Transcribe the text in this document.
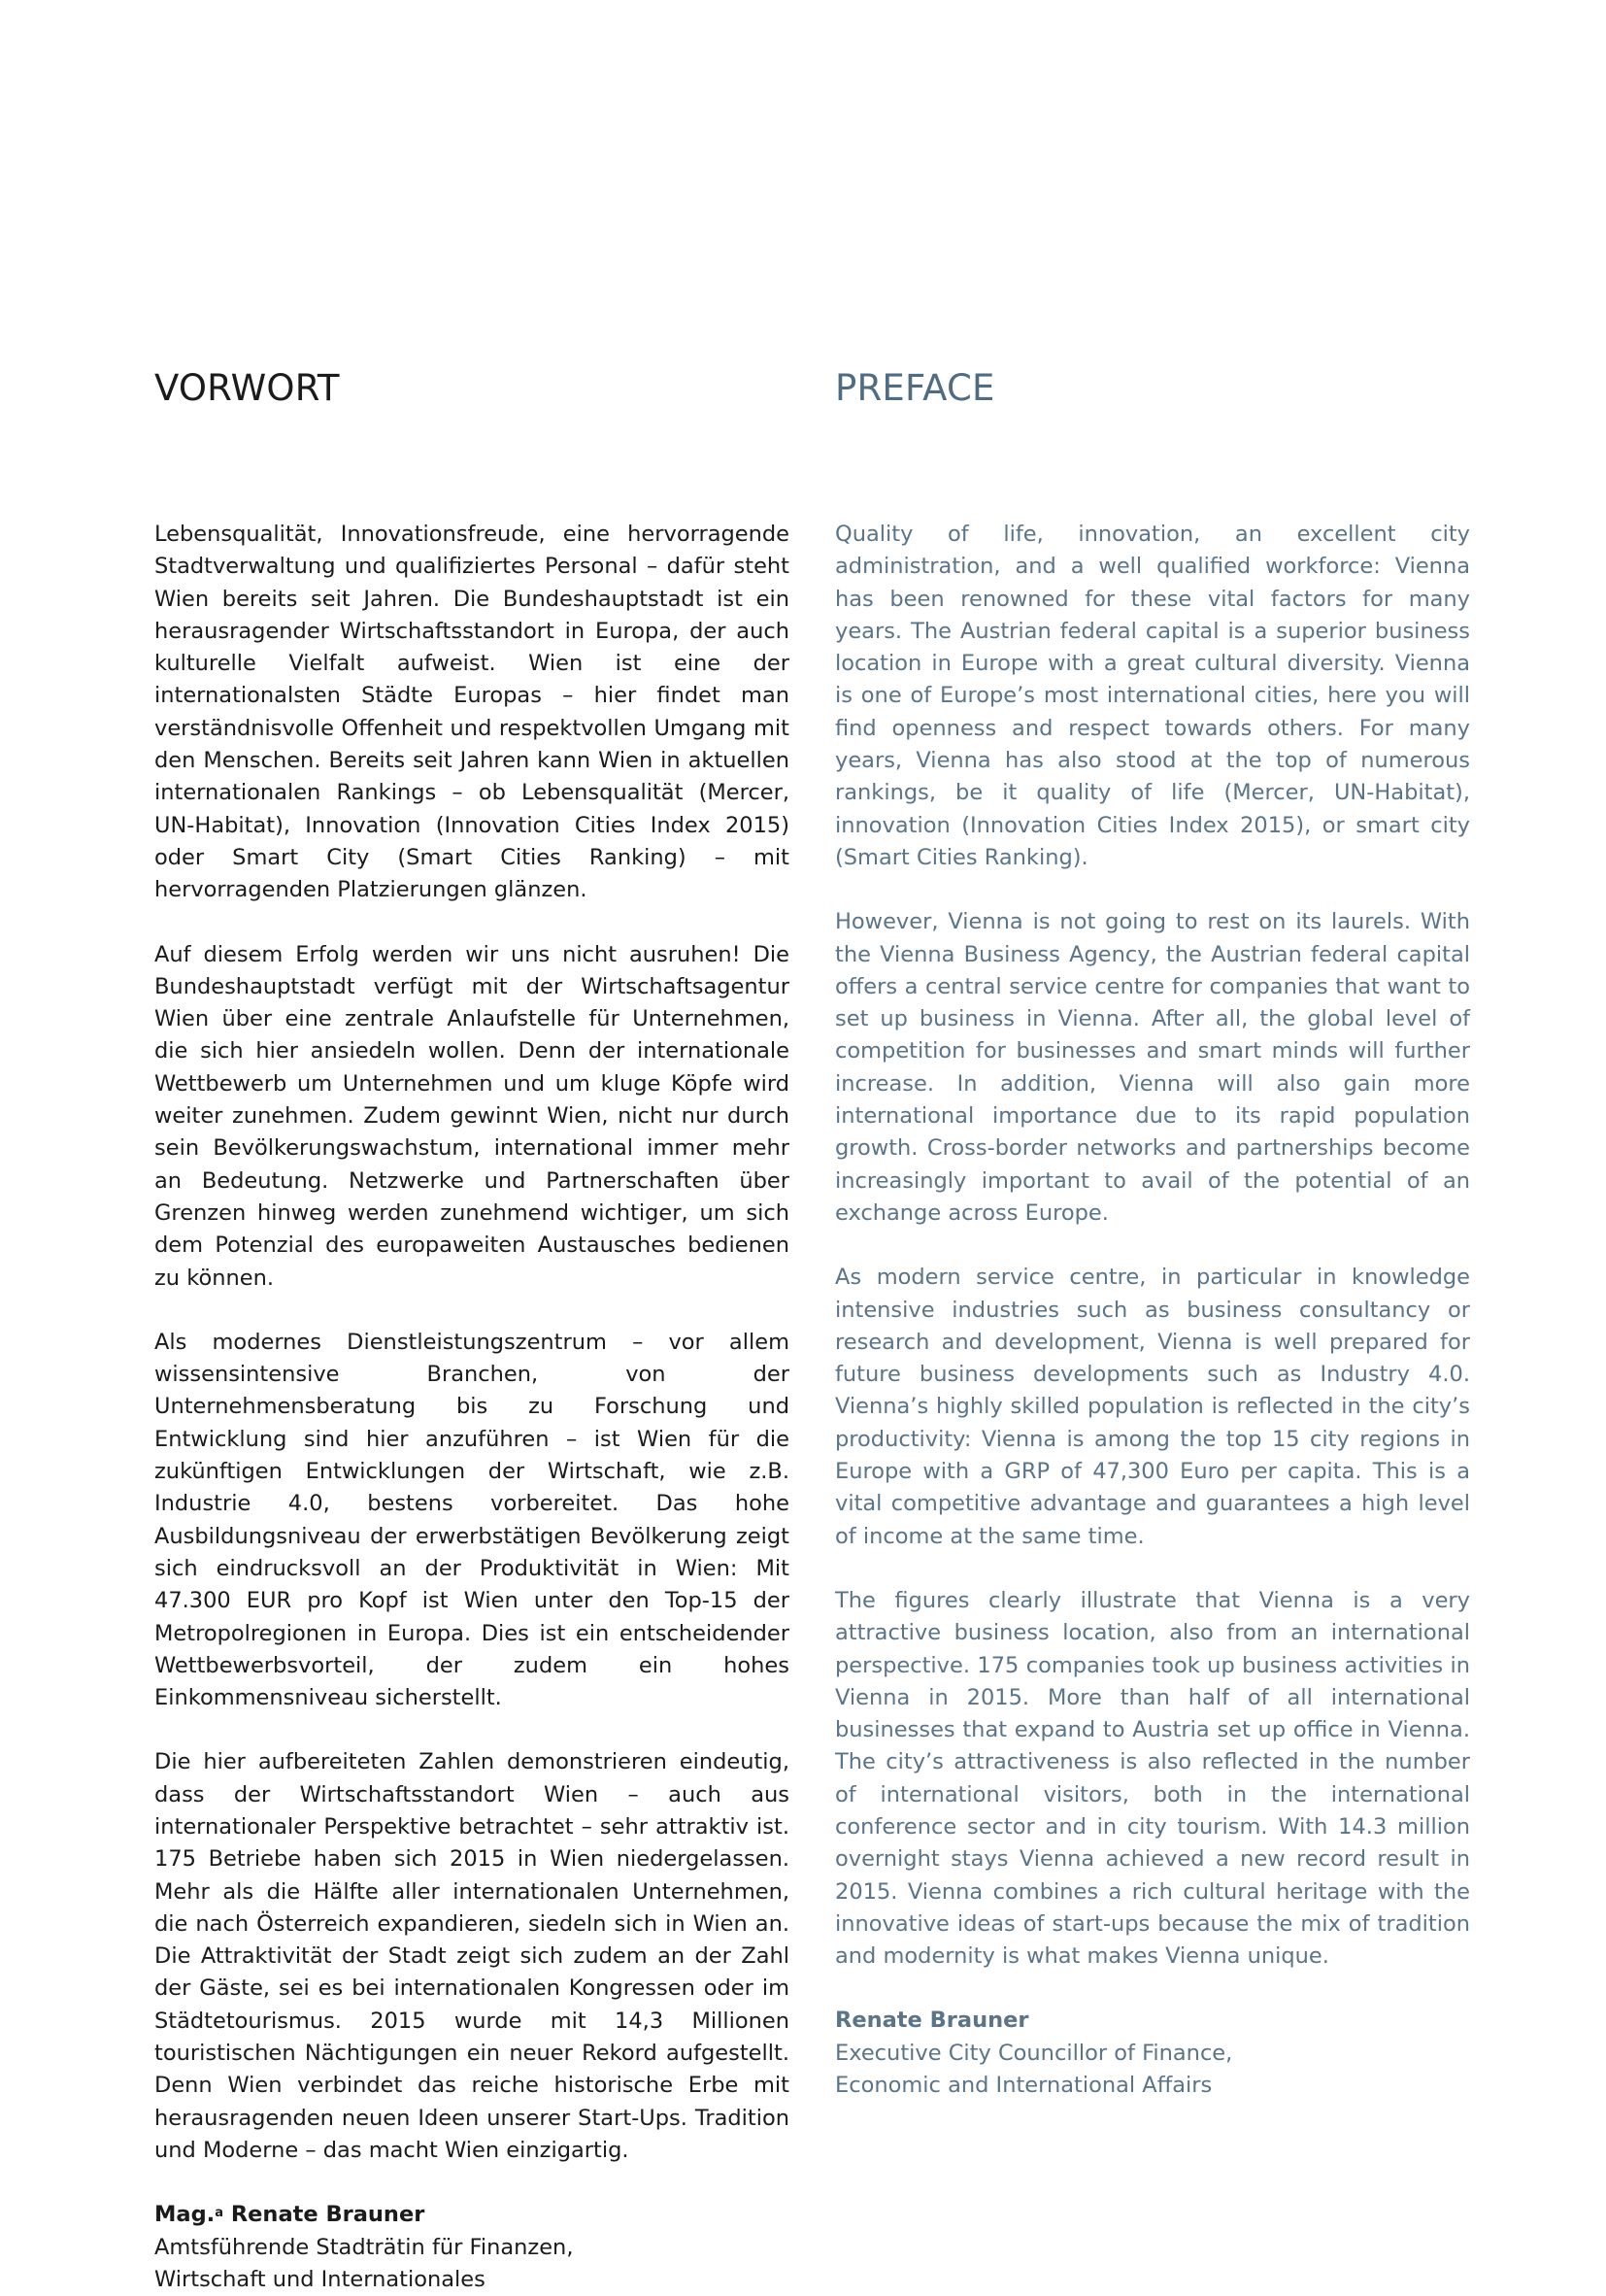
VORWORT

Lebensqualität, Innovationsfreude, eine hervorragende Stadtverwaltung und qualifiziertes Personal – dafür steht Wien bereits seit Jahren. Die Bundeshauptstadt ist ein herausragender Wirtschaftsstandort in Europa, der auch kulturelle Vielfalt aufweist. Wien ist eine der internationalsten Städte Europas – hier findet man verständnisvolle Offenheit und respektvollen Umgang mit den Menschen. Bereits seit Jahren kann Wien in aktuellen internationalen Rankings – ob Lebensqualität (Mercer, UN-Habitat), Innovation (Innovation Cities Index 2015) oder Smart City (Smart Cities Ranking) – mit hervorragenden Platzierungen glänzen.

Auf diesem Erfolg werden wir uns nicht ausruhen! Die Bundeshauptstadt verfügt mit der Wirtschaftsagentur Wien über eine zentrale Anlaufstelle für Unternehmen, die sich hier ansiedeln wollen. Denn der internationale Wettbewerb um Unternehmen und um kluge Köpfe wird weiter zunehmen. Zudem gewinnt Wien, nicht nur durch sein Bevölkerungswachstum, international immer mehr an Bedeutung. Netzwerke und Partnerschaften über Grenzen hinweg werden zunehmend wichtiger, um sich dem Potenzial des europaweiten Austausches bedienen zu können.

Als modernes Dienstleistungszentrum – vor allem wissensintensive Branchen, von der Unternehmensberatung bis zu Forschung und Entwicklung sind hier anzuführen – ist Wien für die zukünftigen Entwicklungen der Wirtschaft, wie z.B. Industrie 4.0, bestens vorbereitet. Das hohe Ausbildungsniveau der erwerbstätigen Bevölkerung zeigt sich eindrucksvoll an der Produktivität in Wien: Mit 47.300 EUR pro Kopf ist Wien unter den Top-15 der Metropolregionen in Europa. Dies ist ein entscheidender Wettbewerbsvorteil, der zudem ein hohes Einkommensniveau sicherstellt.

Die hier aufbereiteten Zahlen demonstrieren eindeutig, dass der Wirtschaftsstandort Wien – auch aus internationaler Perspektive betrachtet – sehr attraktiv ist. 175 Betriebe haben sich 2015 in Wien niedergelassen. Mehr als die Hälfte aller internationalen Unternehmen, die nach Österreich expandieren, siedeln sich in Wien an. Die Attraktivität der Stadt zeigt sich zudem an der Zahl der Gäste, sei es bei internationalen Kongressen oder im Städtetourismus. 2015 wurde mit 14,3 Millionen touristischen Nächtigungen ein neuer Rekord aufgestellt. Denn Wien verbindet das reiche historische Erbe mit herausragenden neuen Ideen unserer Start-Ups. Tradition und Moderne – das macht Wien einzigartig.

Mag.$^a$ Renate Brauner
Amtsführende Stadträtin für Finanzen,
Wirtschaft und Internationales
PREFACE

Quality of life, innovation, an excellent city administration, and a well qualified workforce: Vienna has been renowned for these vital factors for many years. The Austrian federal capital is a superior business location in Europe with a great cultural diversity. Vienna is one of Europe’s most international cities, here you will find openness and respect towards others. For many years, Vienna has also stood at the top of numerous rankings, be it quality of life (Mercer, UN-Habitat), innovation (Innovation Cities Index 2015), or smart city (Smart Cities Ranking).

However, Vienna is not going to rest on its laurels. With the Vienna Business Agency, the Austrian federal capital offers a central service centre for companies that want to set up business in Vienna. After all, the global level of competition for businesses and smart minds will further increase. In addition, Vienna will also gain more international importance due to its rapid population growth. Cross-border networks and partnerships become increasingly important to avail of the potential of an exchange across Europe.

As modern service centre, in particular in knowledge intensive industries such as business consultancy or research and development, Vienna is well prepared for future business developments such as Industry 4.0. Vienna’s highly skilled population is reflected in the city’s productivity: Vienna is among the top 15 city regions in Europe with a GRP of 47,300 Euro per capita. This is a vital competitive advantage and guarantees a high level of income at the same time.

The figures clearly illustrate that Vienna is a very attractive business location, also from an international perspective. 175 companies took up business activities in Vienna in 2015. More than half of all international businesses that expand to Austria set up office in Vienna. The city’s attractiveness is also reflected in the number of international visitors, both in the international conference sector and in city tourism. With 14.3 million overnight stays Vienna achieved a new record result in 2015. Vienna combines a rich cultural heritage with the innovative ideas of start-ups because the mix of tradition and modernity is what makes Vienna unique.

Renate Brauner
Executive City Councillor of Finance,
Economic and International Affairs
